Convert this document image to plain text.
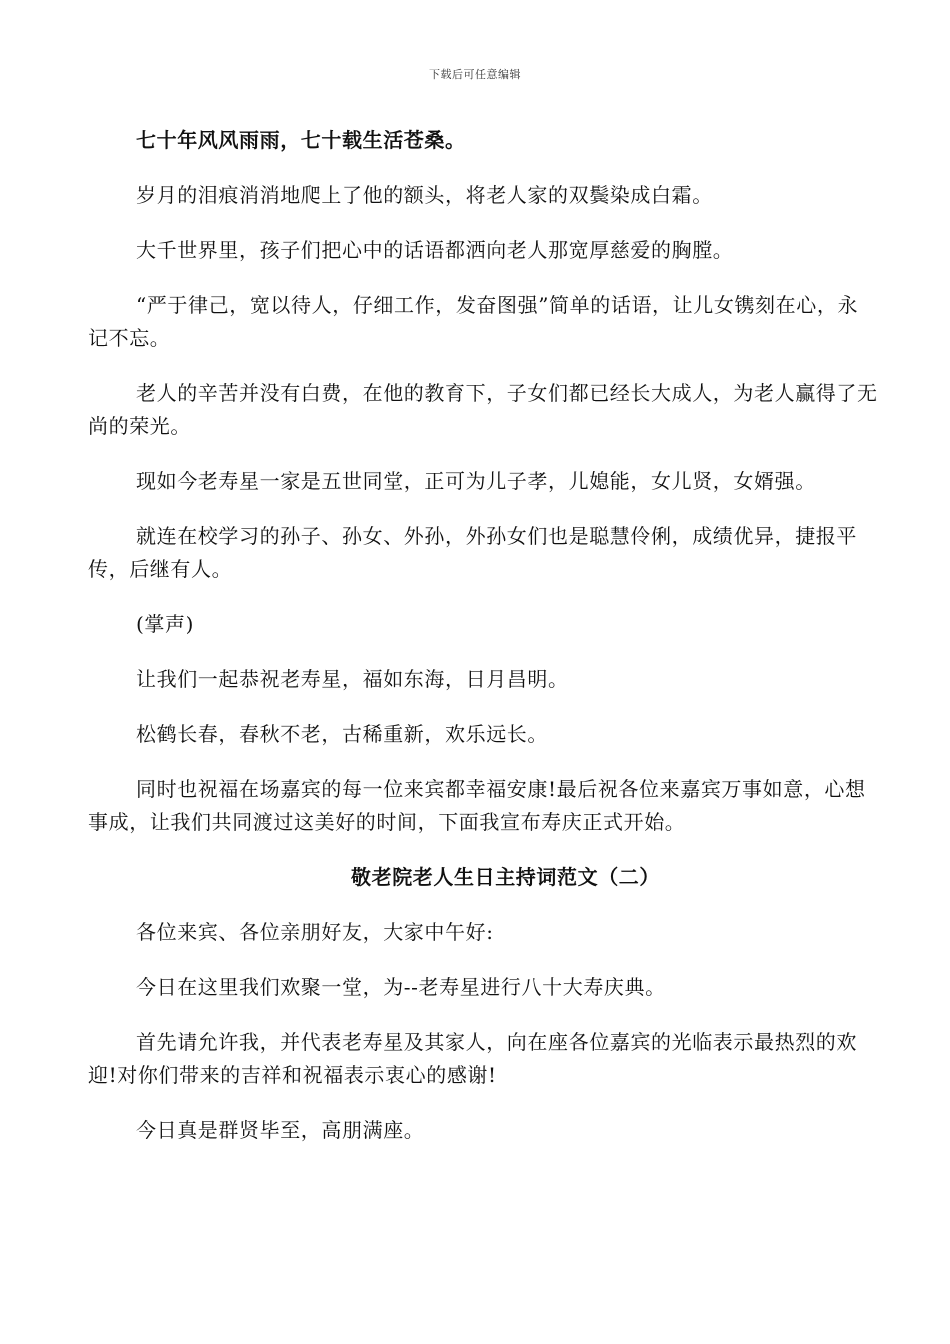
下载后可任意编辑

七十年风风雨雨，七十载生活苍桑。

岁月的泪痕消消地爬上了他的额头，将老人家的双鬓染成白霜。

大千世界里，孩子们把心中的话语都洒向老人那宽厚慈爱的胸膛。

“严于律己，宽以待人，仔细工作，发奋图强”简单的话语，让儿女镌刻在心，永记不忘。

老人的辛苦并没有白费，在他的教育下，子女们都已经长大成人，为老人赢得了无尚的荣光。

现如今老寿星一家是五世同堂，正可为儿子孝，儿媳能，女儿贤，女婿强。

就连在校学习的孙子、孙女、外孙，外孙女们也是聪慧伶俐，成绩优异，捷报平传，后继有人。

(掌声)

让我们一起恭祝老寿星，福如东海，日月昌明。

松鹤长春，春秋不老，古稀重新，欢乐远长。

同时也祝福在场嘉宾的每一位来宾都幸福安康!最后祝各位来嘉宾万事如意，心想事成，让我们共同渡过这美好的时间，下面我宣布寿庆正式开始。

敬老院老人生日主持词范文（二）

各位来宾、各位亲朋好友，大家中午好:

今日在这里我们欢聚一堂，为--老寿星进行八十大寿庆典。

首先请允许我，并代表老寿星及其家人，向在座各位嘉宾的光临表示最热烈的欢迎!对你们带来的吉祥和祝福表示衷心的感谢!

今日真是群贤毕至，高朋满座。
